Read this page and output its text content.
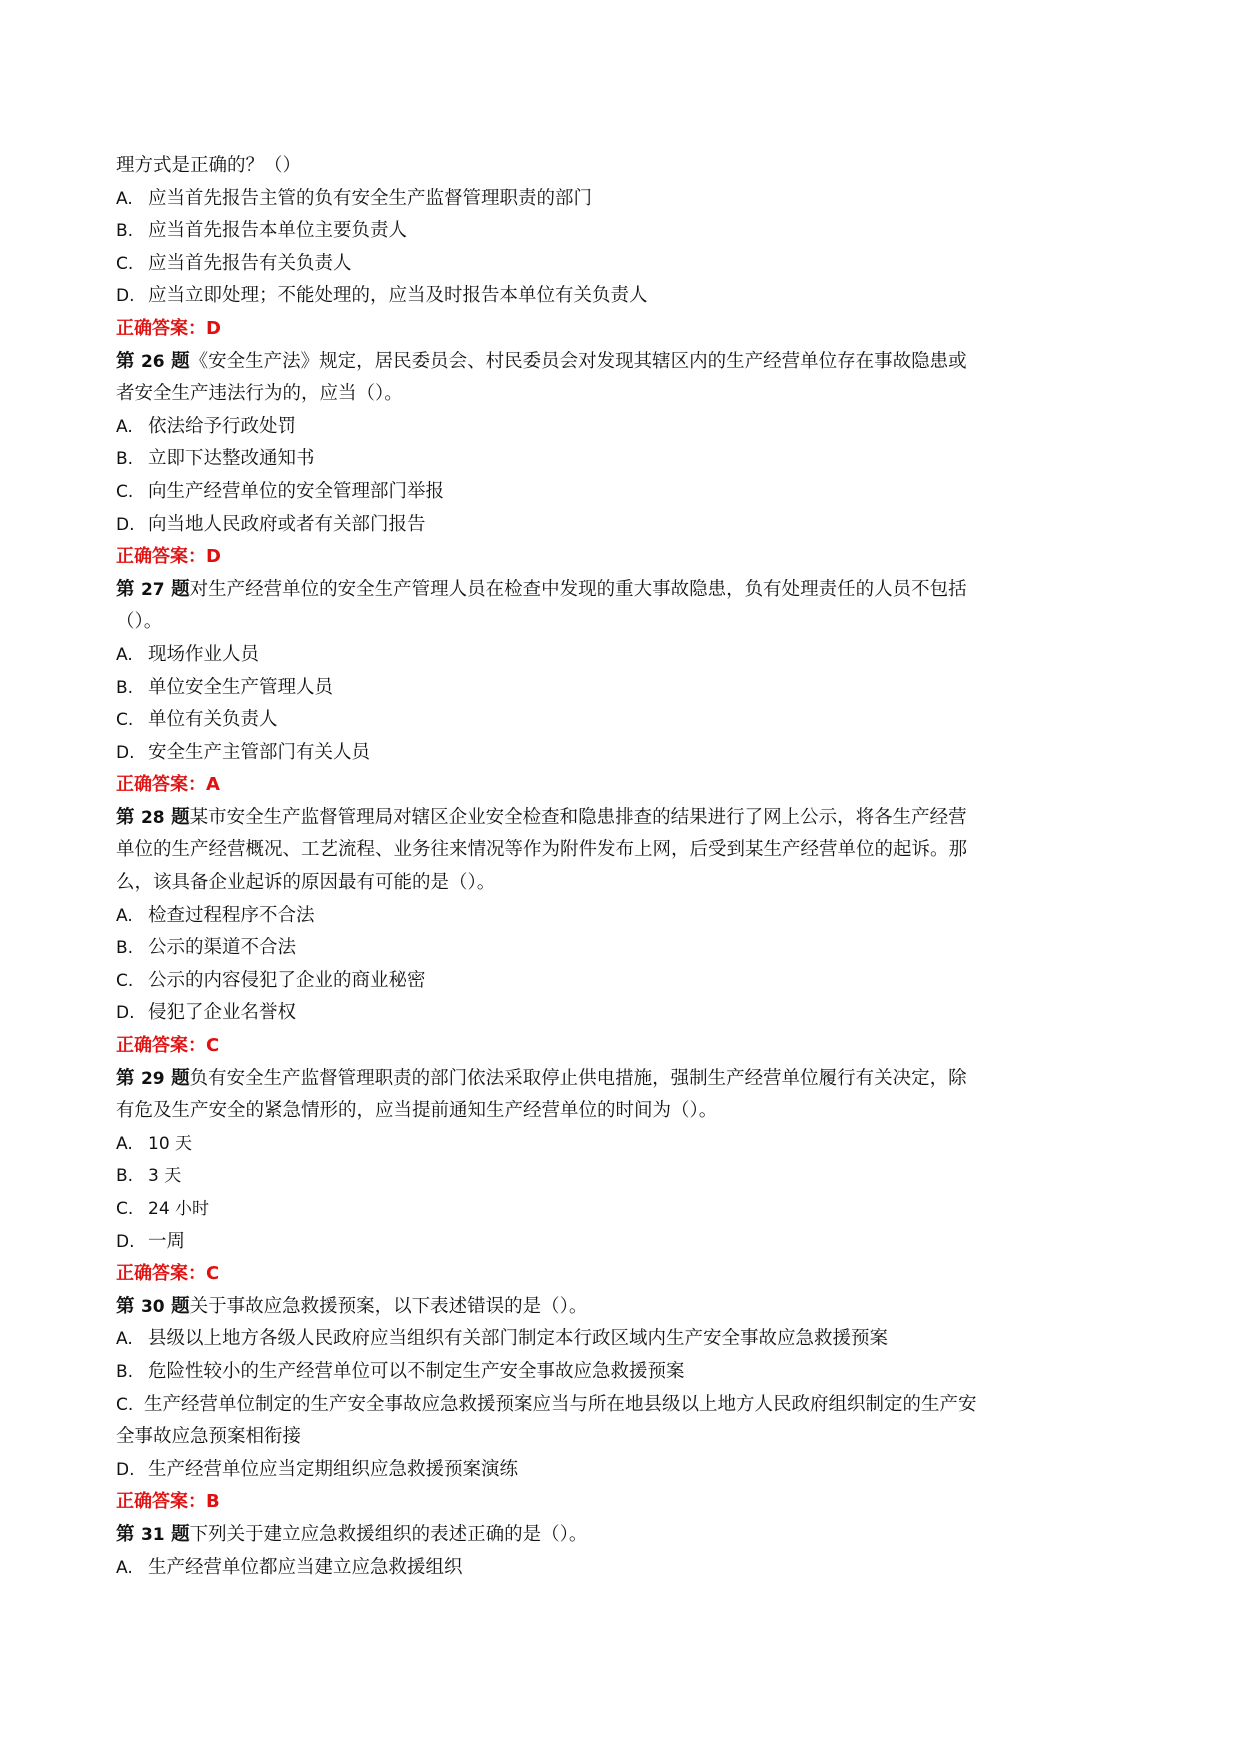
理方式是正确的？（）
A. 应当首先报告主管的负有安全生产监督管理职责的部门
B. 应当首先报告本单位主要负责人
C. 应当首先报告有关负责人
D. 应当立即处理；不能处理的，应当及时报告本单位有关负责人
正确答案：D
第 26 题《安全生产法》规定，居民委员会、村民委员会对发现其辖区内的生产经营单位存在事故隐患或
者安全生产违法行为的，应当（）。
A. 依法给予行政处罚
B. 立即下达整改通知书
C. 向生产经营单位的安全管理部门举报
D. 向当地人民政府或者有关部门报告
正确答案：D
第 27 题对生产经营单位的安全生产管理人员在检查中发现的重大事故隐患，负有处理责任的人员不包括
（）。
A. 现场作业人员
B. 单位安全生产管理人员
C. 单位有关负责人
D. 安全生产主管部门有关人员
正确答案：A
第 28 题某市安全生产监督管理局对辖区企业安全检查和隐患排查的结果进行了网上公示，将各生产经营
单位的生产经营概况、工艺流程、业务往来情况等作为附件发布上网，后受到某生产经营单位的起诉。那
么，该具备企业起诉的原因最有可能的是（）。
A. 检查过程程序不合法
B. 公示的渠道不合法
C. 公示的内容侵犯了企业的商业秘密
D. 侵犯了企业名誉权
正确答案：C
第 29 题负有安全生产监督管理职责的部门依法采取停止供电措施，强制生产经营单位履行有关决定，除
有危及生产安全的紧急情形的，应当提前通知生产经营单位的时间为（）。
A. 10 天
B. 3 天
C. 24 小时
D. 一周
正确答案：C
第 30 题关于事故应急救援预案，以下表述错误的是（）。
A. 县级以上地方各级人民政府应当组织有关部门制定本行政区域内生产安全事故应急救援预案
B. 危险性较小的生产经营单位可以不制定生产安全事故应急救援预案
C. 生产经营单位制定的生产安全事故应急救援预案应当与所在地县级以上地方人民政府组织制定的生产安
全事故应急预案相衔接
D. 生产经营单位应当定期组织应急救援预案演练
正确答案：B
第 31 题下列关于建立应急救援组织的表述正确的是（）。
A. 生产经营单位都应当建立应急救援组织
